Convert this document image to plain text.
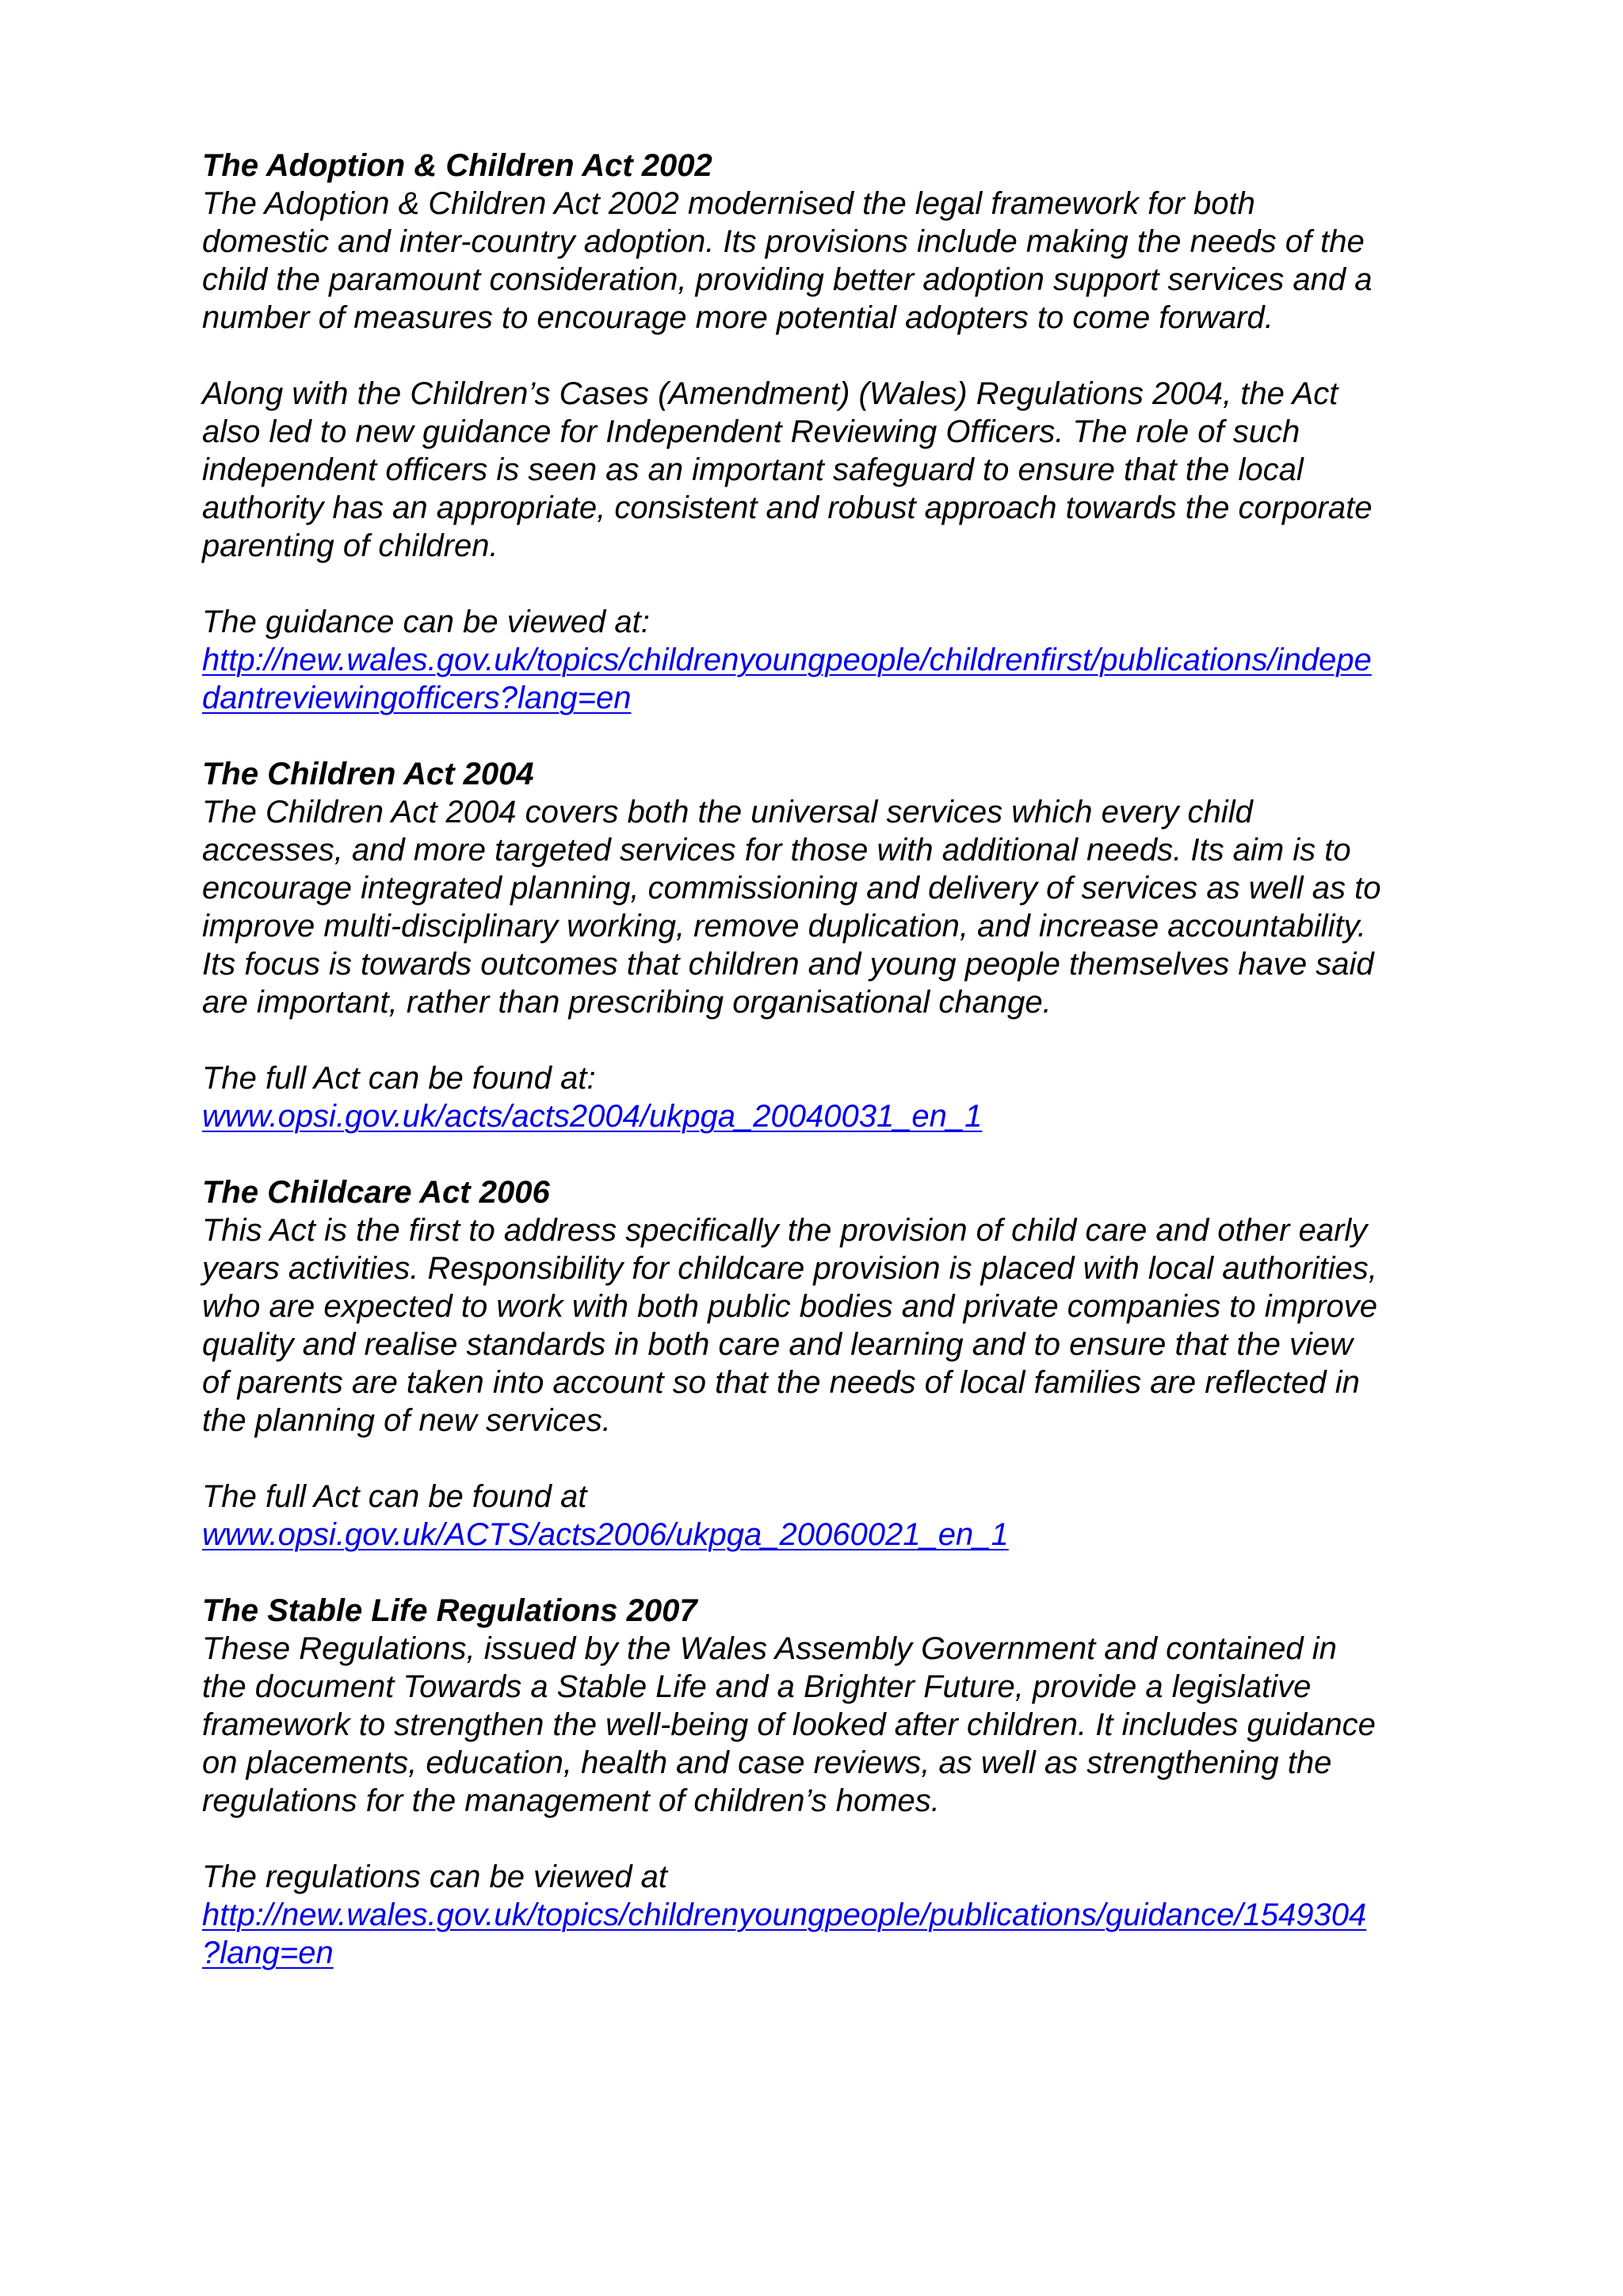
The Adoption & Children Act 2002
The Adoption & Children Act 2002 modernised the legal framework for both
domestic and inter-country adoption. Its provisions include making the needs of the
child the paramount consideration, providing better adoption support services and a
number of measures to encourage more potential adopters to come forward.
Along with the Children’s Cases (Amendment) (Wales) Regulations 2004, the Act
also led to new guidance for Independent Reviewing Officers. The role of such
independent officers is seen as an important safeguard to ensure that the local
authority has an appropriate, consistent and robust approach towards the corporate
parenting of children.
The guidance can be viewed at:
http://new.wales.gov.uk/topics/childrenyoungpeople/childrenfirst/publications/indepe
dantreviewingofficers?lang=en
The Children Act 2004
The Children Act 2004 covers both the universal services which every child
accesses, and more targeted services for those with additional needs. Its aim is to
encourage integrated planning, commissioning and delivery of services as well as to
improve multi-disciplinary working, remove duplication, and increase accountability.
Its focus is towards outcomes that children and young people themselves have said
are important, rather than prescribing organisational change.
The full Act can be found at:
www.opsi.gov.uk/acts/acts2004/ukpga_20040031_en_1
The Childcare Act 2006
This Act is the first to address specifically the provision of child care and other early
years activities. Responsibility for childcare provision is placed with local authorities,
who are expected to work with both public bodies and private companies to improve
quality and realise standards in both care and learning and to ensure that the view
of parents are taken into account so that the needs of local families are reflected in
the planning of new services.
The full Act can be found at
www.opsi.gov.uk/ACTS/acts2006/ukpga_20060021_en_1
The Stable Life Regulations 2007
These Regulations, issued by the Wales Assembly Government and contained in
the document Towards a Stable Life and a Brighter Future, provide a legislative
framework to strengthen the well-being of looked after children. It includes guidance
on placements, education, health and case reviews, as well as strengthening the
regulations for the management of children’s homes.
The regulations can be viewed at
http://new.wales.gov.uk/topics/childrenyoungpeople/publications/guidance/1549304
?lang=en
